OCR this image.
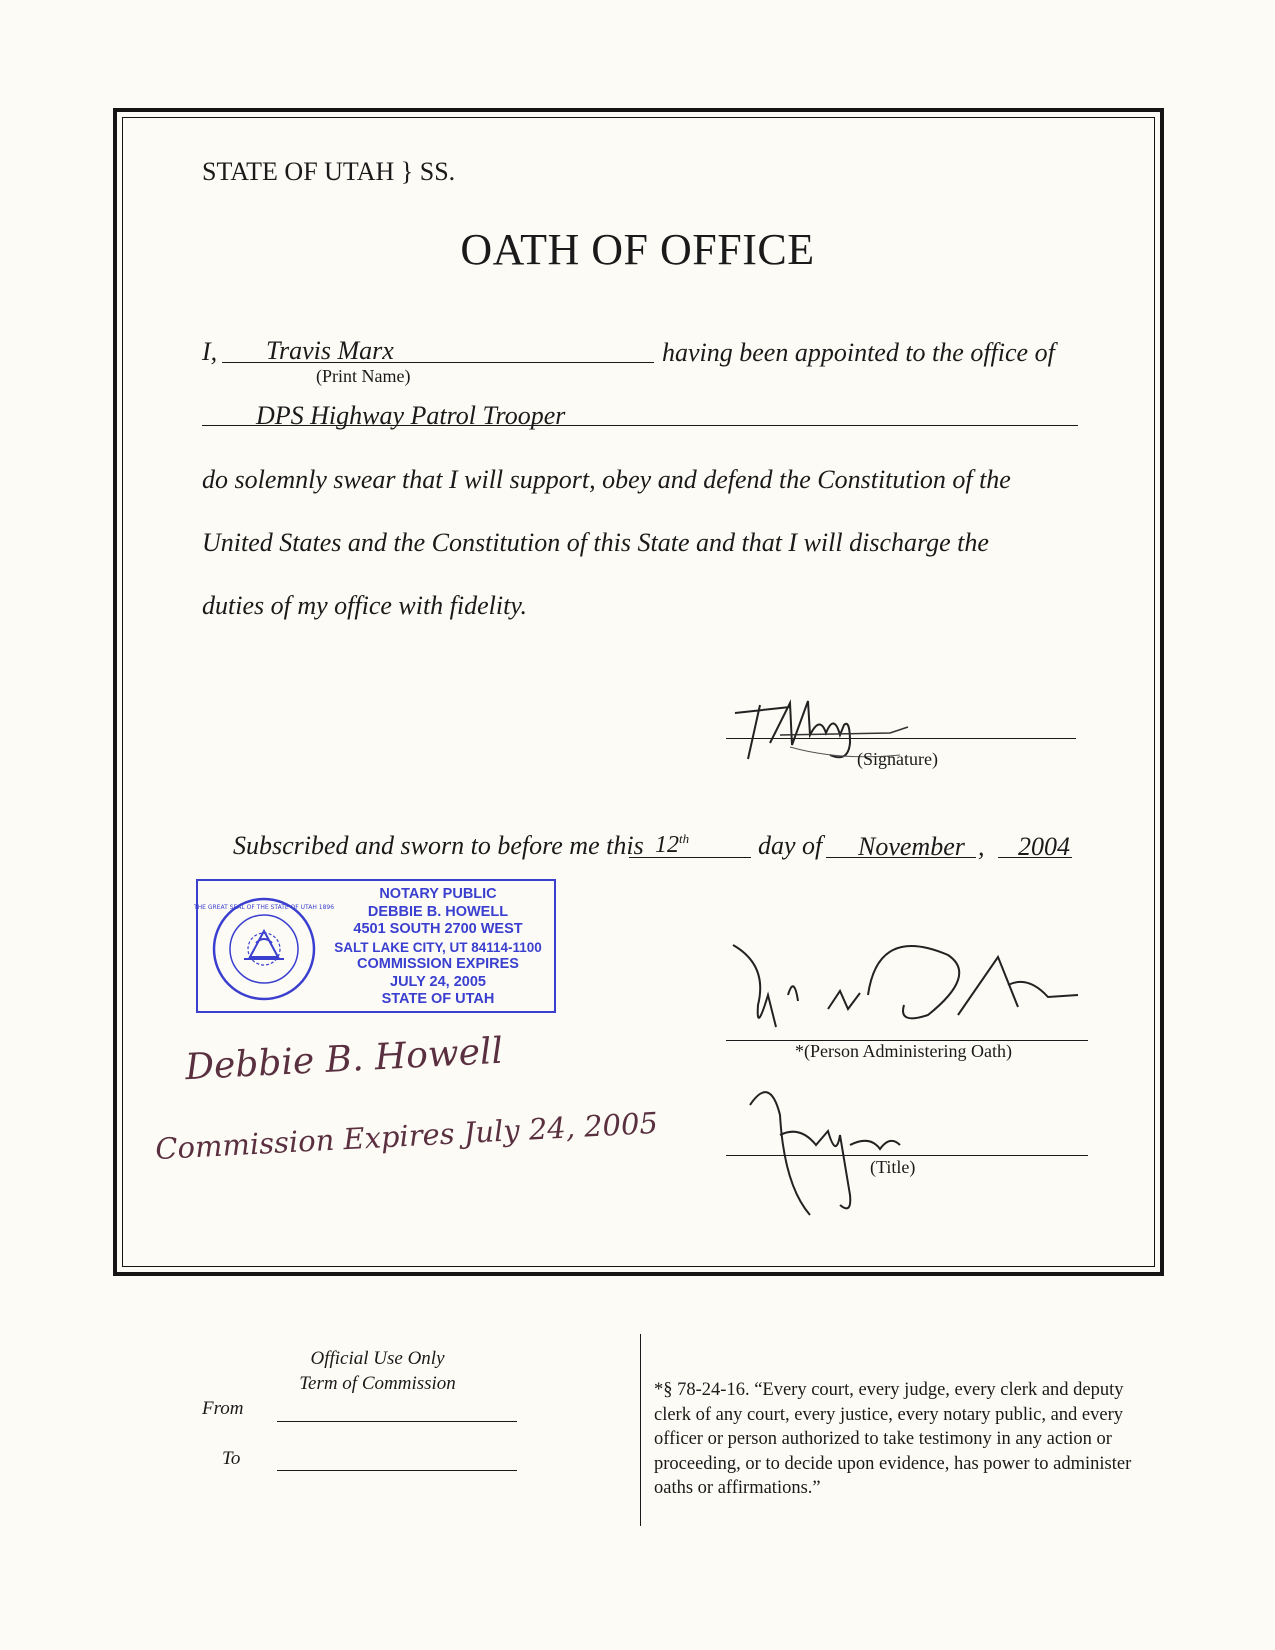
STATE OF UTAH } SS.
OATH OF OFFICE
I, Travis Marx	having been appointed to the office of
(Print Name)
DPS Highway Patrol Trooper
do solemnly swear that I will support, obey and defend the Constitution of the
United States and the Constitution of this State and that I will discharge the
duties of my office with fidelity.
(Signature)
Subscribed and sworn to before me this 12th	day of November , 2004
THE GREAT SEAL OF THE STATE OF UTAH 1896
NOTARY PUBLIC
DEBBIE B. HOWELL
4501 SOUTH 2700 WEST
SALT LAKE CITY, UT 84114-1100
COMMISSION EXPIRES
JULY 24, 2005
STATE OF UTAH
Debbie B. Howell
Commission Expires July 24, 2005
*(Person Administering Oath)
(Title)
Official Use Only
Term of Commission
From
To
*§ 78-24-16. “Every court, every judge, every clerk and deputy clerk of any court, every justice, every notary public, and every officer or person authorized to take testimony in any action or proceeding, or to decide upon evidence, has power to administer oaths or affirmations.”
